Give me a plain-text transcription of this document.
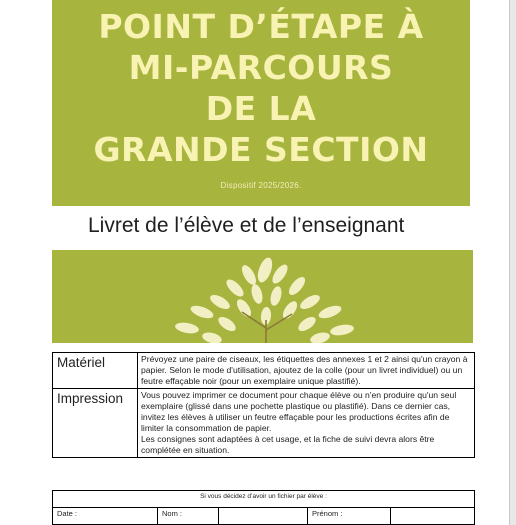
POINT D’ÉTAPE À
MI-PARCOURS
DE LA
GRANDE SECTION
Dispositif 2025/2026.
Livret de l’élève et de l’enseignant
Matériel	Prévoyez une paire de ciseaux, les étiquettes des annexes 1 et 2 ainsi qu'un crayon à papier. Selon le mode d'utilisation, ajoutez de la colle (pour un livret individuel) ou un feutre effaçable noir (pour un exemplaire unique plastifié).

Impression	Vous pouvez imprimer ce document pour chaque élève ou n'en produire qu'un seul exemplaire (glissé dans une pochette plastique ou plastifié). Dans ce dernier cas, invitez les élèves à utiliser un feutre effaçable pour les productions écrites afin de limiter la consommation de papier.

Les consignes sont adaptées à cet usage, et la fiche de suivi devra alors être complétée en situation.

Si vous décidez d’avoir un fichier par élève :
Date :	Nom :		Prénom :	
